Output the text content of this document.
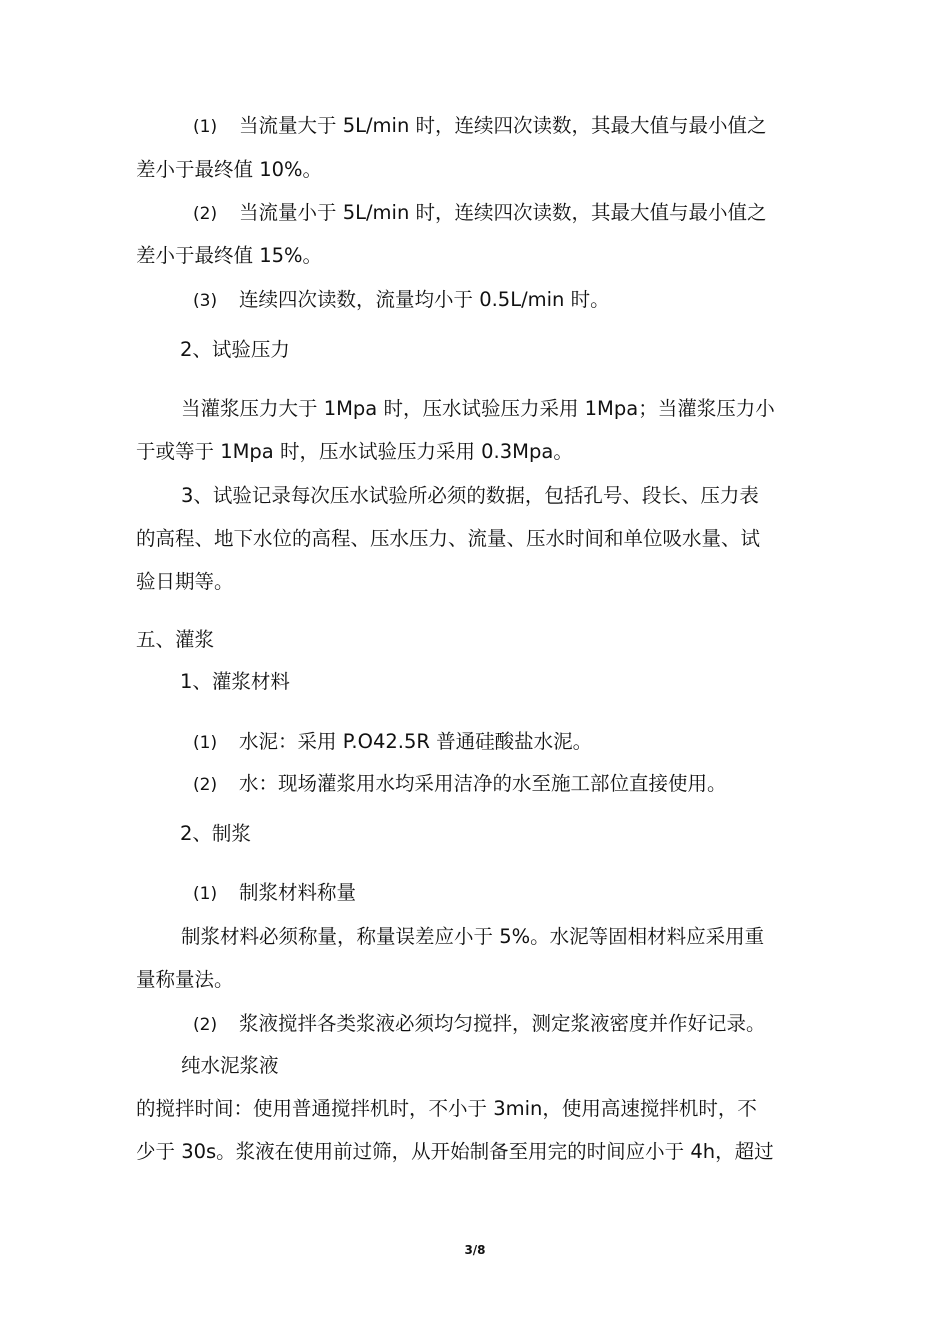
(1) 当流量大于 5L/min 时，连续四次读数，其最大值与最小值之
差小于最终值 10%。
(2) 当流量小于 5L/min 时，连续四次读数，其最大值与最小值之
差小于最终值 15%。
(3) 连续四次读数，流量均小于 0.5L/min 时。
2、试验压力
当灌浆压力大于 1Mpa 时，压水试验压力采用 1Mpa；当灌浆压力小
于或等于 1Mpa 时，压水试验压力采用 0.3Mpa。
3、试验记录每次压水试验所必须的数据，包括孔号、段长、压力表
的高程、地下水位的高程、压水压力、流量、压水时间和单位吸水量、试
验日期等。
五、灌浆
1、灌浆材料
(1) 水泥：采用 P.O42.5R 普通硅酸盐水泥。
(2) 水：现场灌浆用水均采用洁净的水至施工部位直接使用。
2、制浆
(1) 制浆材料称量
制浆材料必须称量，称量误差应小于 5%。水泥等固相材料应采用重
量称量法。
(2) 浆液搅拌各类浆液必须均匀搅拌，测定浆液密度并作好记录。
纯水泥浆液
的搅拌时间：使用普通搅拌机时，不小于 3min，使用高速搅拌机时，不
少于 30s。浆液在使用前过筛，从开始制备至用完的时间应小于 4h，超过
3/8
